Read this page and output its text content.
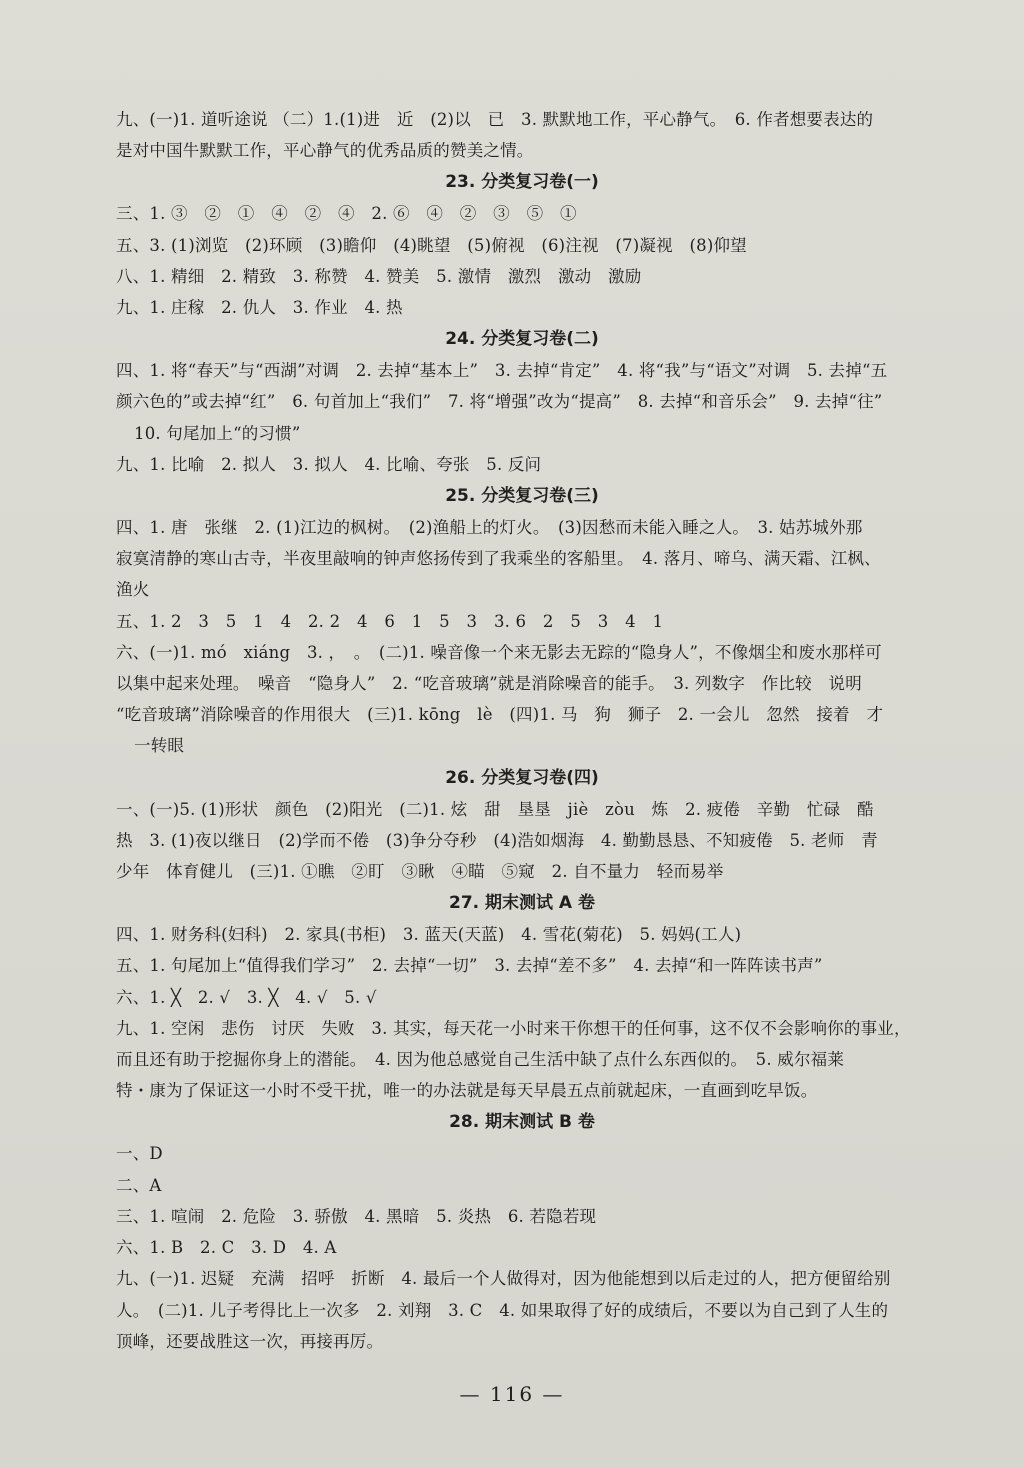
九、(一)1. 道听途说 （二）1.(1)进　近　(2)以　已　3. 默默地工作，平心静气。　6. 作者想要表达的
是对中国牛默默工作，平心静气的优秀品质的赞美之情。
23. 分类复习卷(一)
三、1. ③　②　①　④　②　④　2. ⑥　④　②　③　⑤　①
五、3. (1)浏览　(2)环顾　(3)瞻仰　(4)眺望　(5)俯视　(6)注视　(7)凝视　(8)仰望
八、1. 精细　2. 精致　3. 称赞　4. 赞美　5. 激情　激烈　激动　激励
九、1. 庄稼　2. 仇人　3. 作业　4. 热
24. 分类复习卷(二)
四、1. 将“春天”与“西湖”对调　2. 去掉“基本上”　3. 去掉“肯定”　4. 将“我”与“语文”对调　5. 去掉“五
颜六色的”或去掉“红”　6. 句首加上“我们”　7. 将“增强”改为“提高”　8. 去掉“和音乐会”　9. 去掉“往”
10. 句尾加上“的习惯”
九、1. 比喻　2. 拟人　3. 拟人　4. 比喻、夸张　5. 反问
25. 分类复习卷(三)
四、1. 唐　张继　2. (1)江边的枫树。　(2)渔船上的灯火。　(3)因愁而未能入睡之人。　3. 姑苏城外那
寂寞清静的寒山古寺，半夜里敲响的钟声悠扬传到了我乘坐的客船里。　4. 落月、啼乌、满天霜、江枫、
渔火
五、1. 2　3　5　1　4　2. 2　4　6　1　5　3　3. 6　2　5　3　4　1
六、(一)1. mó　xiáng　3. ，　。　(二)1. 噪音像一个来无影去无踪的“隐身人”，不像烟尘和废水那样可
以集中起来处理。　噪音　“隐身人”　2. “吃音玻璃”就是消除噪音的能手。　3. 列数字　作比较　说明
“吃音玻璃”消除噪音的作用很大　(三)1. kōng　lè　(四)1. 马　狗　狮子　2. 一会儿　忽然　接着　才
一转眼
26. 分类复习卷(四)
一、(一)5. (1)形状　颜色　(2)阳光　(二)1. 炫　甜　垦垦　jiè　zòu　炼　2. 疲倦　辛勤　忙碌　酷
热　3. (1)夜以继日　(2)学而不倦　(3)争分夺秒　(4)浩如烟海　4. 勤勤恳恳、不知疲倦　5. 老师　青
少年　体育健儿　(三)1. ①瞧　②盯　③瞅　④瞄　⑤窥　2. 自不量力　轻而易举
27. 期末测试 A 卷
四、1. 财务科(妇科)　2. 家具(书柜)　3. 蓝天(天蓝)　4. 雪花(菊花)　5. 妈妈(工人)
五、1. 句尾加上“值得我们学习”　2. 去掉“一切”　3. 去掉“差不多”　4. 去掉“和一阵阵读书声”
六、1. ╳　2. √　3. ╳　4. √　5. √
九、1. 空闲　悲伤　讨厌　失败　3. 其实，每天花一小时来干你想干的任何事，这不仅不会影响你的事业，
而且还有助于挖掘你身上的潜能。　4. 因为他总感觉自己生活中缺了点什么东西似的。　5. 威尔福莱
特・康为了保证这一小时不受干扰，唯一的办法就是每天早晨五点前就起床，一直画到吃早饭。
28. 期末测试 B 卷
一、D
二、A
三、1. 喧闹　2. 危险　3. 骄傲　4. 黑暗　5. 炎热　6. 若隐若现
六、1. B　2. C　3. D　4. A
九、(一)1. 迟疑　充满　招呼　折断　4. 最后一个人做得对，因为他能想到以后走过的人，把方便留给别
人。　(二)1. 儿子考得比上一次多　2. 刘翔　3. C　4. 如果取得了好的成绩后，不要以为自己到了人生的
顶峰，还要战胜这一次，再接再厉。
— 116 —
